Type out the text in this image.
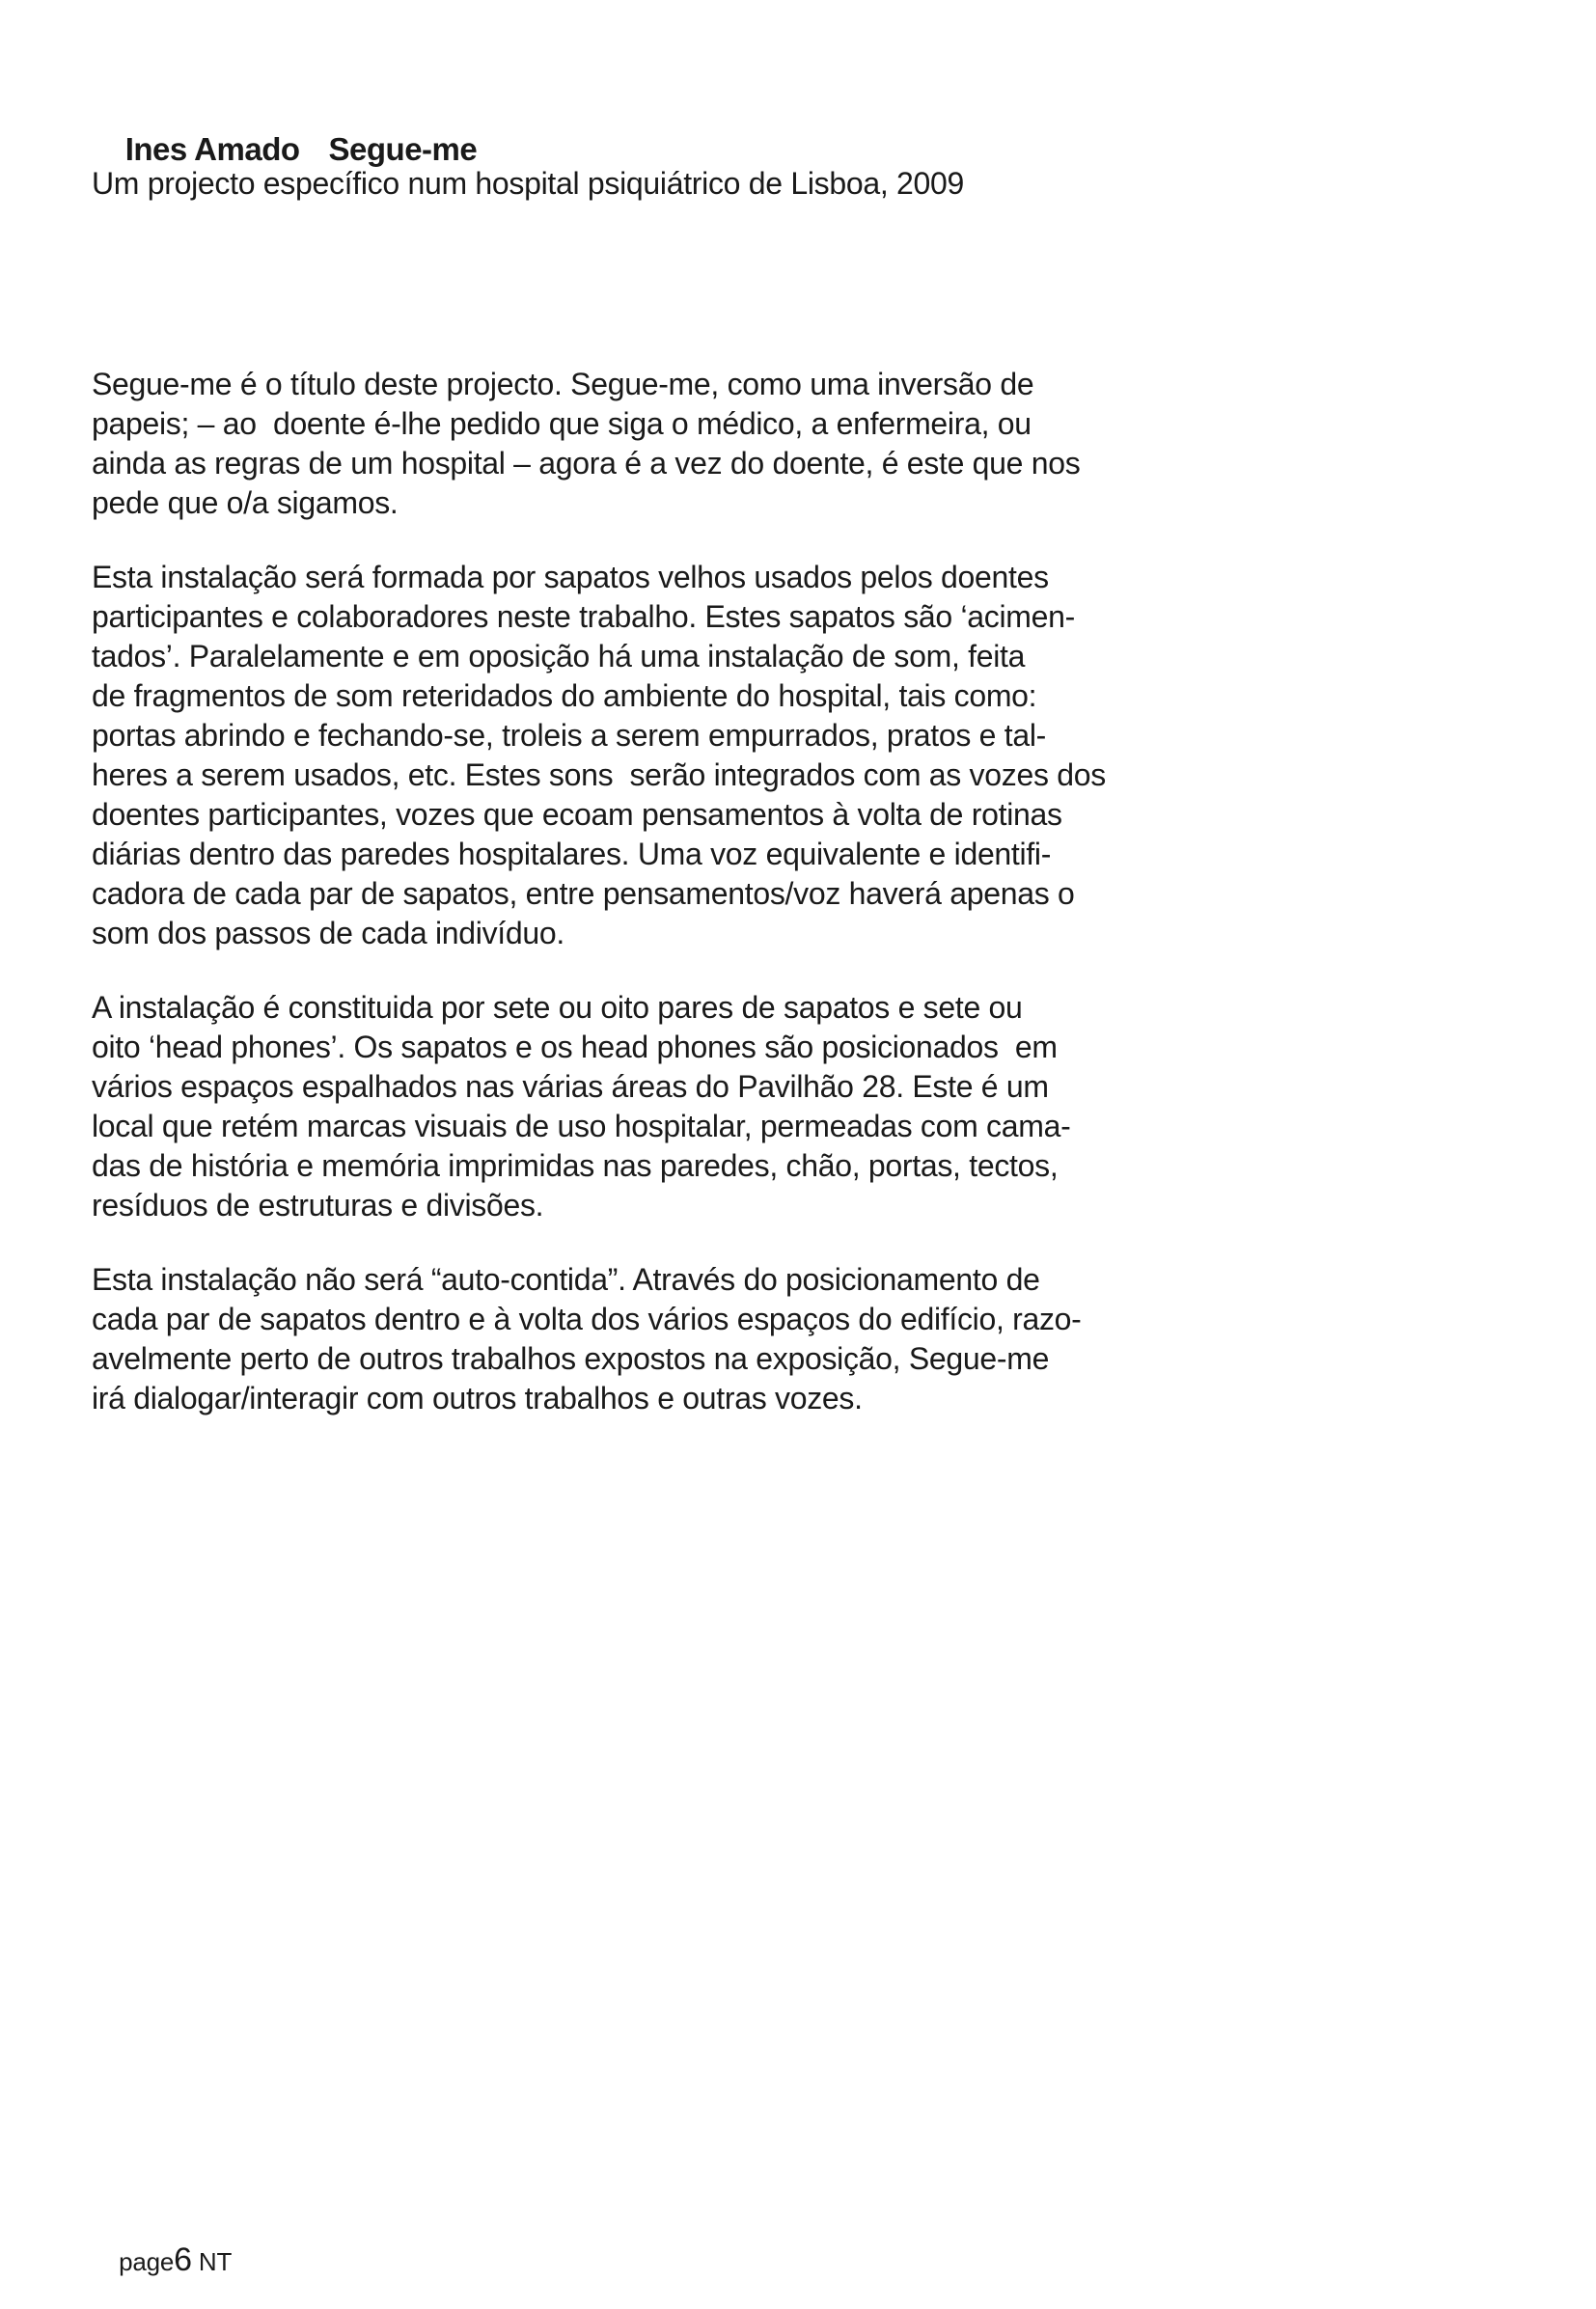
Ines Amado Segue-me

Um projecto específico num hospital psiquiátrico de Lisboa, 2009
Segue-me é o título deste projecto. Segue-me, como uma inversão de
papeis; – ao  doente é-lhe pedido que siga o médico, a enfermeira, ou
ainda as regras de um hospital – agora é a vez do doente, é este que nos
pede que o/a sigamos.
Esta instalação será formada por sapatos velhos usados pelos doentes
participantes e colaboradores neste trabalho. Estes sapatos são ‘acimen-
tados’. Paralelamente e em oposição há uma instalação de som, feita
de fragmentos de som reteridados do ambiente do hospital, tais como:
portas abrindo e fechando-se, troleis a serem empurrados, pratos e tal-
heres a serem usados, etc. Estes sons  serão integrados com as vozes dos
doentes participantes, vozes que ecoam pensamentos à volta de rotinas
diárias dentro das paredes hospitalares. Uma voz equivalente e identifi-
cadora de cada par de sapatos, entre pensamentos/voz haverá apenas o
som dos passos de cada indivíduo.
A instalação é constituida por sete ou oito pares de sapatos e sete ou
oito ‘head phones’. Os sapatos e os head phones são posicionados  em
vários espaços espalhados nas várias áreas do Pavilhão 28. Este é um
local que retém marcas visuais de uso hospitalar, permeadas com cama-
das de história e memória imprimidas nas paredes, chão, portas, tectos,
resíduos de estruturas e divisões.
Esta instalação não será “auto-contida”. Através do posicionamento de
cada par de sapatos dentro e à volta dos vários espaços do edifício, razo-
avelmente perto de outros trabalhos expostos na exposição, Segue-me
irá dialogar/interagir com outros trabalhos e outras vozes.

page6 NT
